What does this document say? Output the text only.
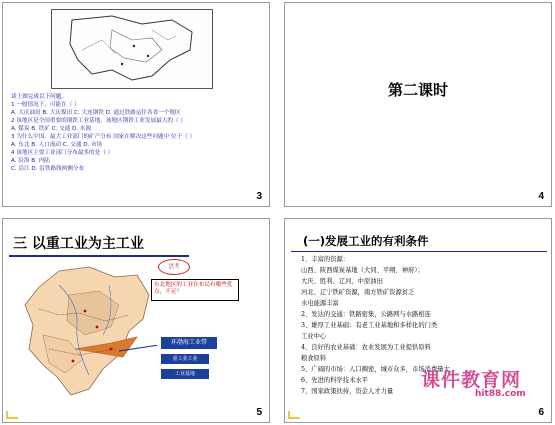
读上图完成以下问题。
1 一般情况下，可能在（ ）
A. 大庆油田 B. 大庆煤田 C. 大连钢铁 D. 通过铁路运往各省一个地区
2 该地区是全国重要的钢铁工业基地，该地区钢铁工业发展最大的（ ）
A. 煤炭 B. 铁矿 C. 交通 D. 水源
3 为什么中国、最大工业部门的矿产分布 国家在解决这些问题中 位于（ ）
A. 东北 B. 人口流动 C. 交通 D. 市场
4 该地区主要工业部门分布最多的是（ ）
A. 沿海 B. 内陆
C. 沿江 D. 沿铁路线两侧分布
3
第二课时
4
三 以重工业为主工业
思考
东北地区的工业在布局有哪些优点，不足？
环渤海工业带
重工业工业
工业基地
5
(一)发展工业的有利条件
1、丰富的资源：
山西、陕西煤炭基地（大同、平朔、神府）；
大庆、胜利、辽河、中原油田
河北、辽宁铁矿资源，南方铁矿资源贫乏
水电能源丰富
2、发达的交通：铁路密集，公路网与水路相连
3、雄厚工业基础：有老工业基地和多样化的门类
工业中心
4、良好的农业基础：农业发展为工业提供原料
粮食原料
5、广阔的市场：人口稠密，城市众多，市场消费量大
6、先进的科学技术水平
7、国家政策扶持，资金人才力量
课件教育网
hit88.com
6
